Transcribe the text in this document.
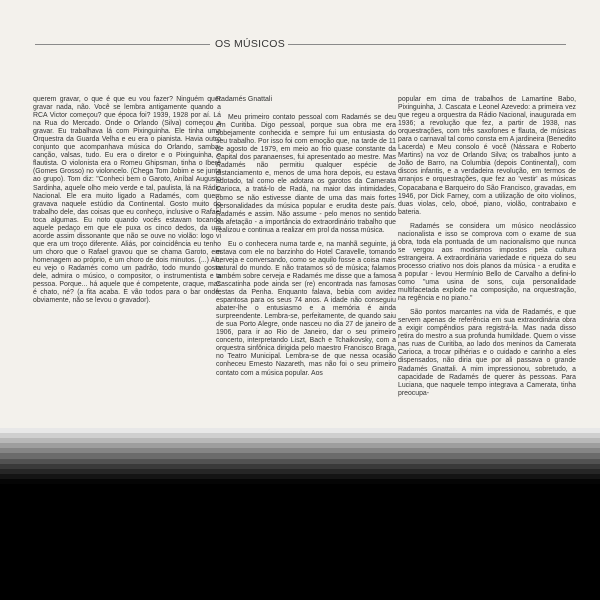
OS MÚSICOS

querem gravar, o que é que eu vou fazer? Ninguém quer gravar nada, não. Você se lembra antigamente quando a RCA Victor começou? que época foi? 1939, 1928 por aí. Lá na Rua do Mercado. Onde o Orlando (Silva) começou a gravar. Eu trabalhava lá com Pixinguinha. Ele tinha uma Orquestra da Guarda Velha e eu era o pianista. Havia outro conjunto que acompanhava música do Orlando, samba-canção, valsas, tudo. Eu era o diretor e o Pixinguinha, o flautista. O violonista era o Romeu Ghipsman, tinha o Iberê (Gomes Grosso) no violoncelo. (Chega Tom Jobim e se junta ao grupo). Tom diz: "Conheci bem o Garoto, Aníbal Augusto Sardinha, aquele olho meio verde e tal, paulista, lá na Rádio Nacional. Ele era muito ligado a Radamés, com quem gravava naquele estúdio da Continental. Gosto muito do trabalho dele, das coisas que eu conheço, inclusive o Rafael toca algumas. Eu noto quando vocês estavam tocando aquele pedaço em que ele puxa os cinco dedos, da um acorde assim dissonante que não se ouve no violão: logo vi que era um troço diferente. Aliás, por coincidência eu tenho um choro que o Rafael gravou que se chama Garoto, em homenagem ao próprio, é um choro de dois minutos. (...) Ah, eu vejo o Radamés como um padrão, todo mundo gosta dele, admira o músico, o compositor, o instrumentista e a pessoa. Porque... há aquele que é competente, craque, mas é chato, né? (a fita acaba. E vão todos para o bar onde, obviamente, não se levou o gravador).

Radamés Gnattali

Meu primeiro contato pessoal com Radamés se deu em Curitiba. Digo pessoal, porque sua obra me era sobejamente conhecida e sempre fui um entusiasta do seu trabalho. Por isso foi com emoção que, na tarde de 11 de agosto de 1979, em meio ao frio quase constante da Capital dos paranaenses, fui apresentado ao mestre. Mas Radamés não permitiu qualquer espécie de distanciamento e, menos de uma hora depois, eu estava adotado, tal como ele adotara os garotos da Camerata Carioca, a tratá-lo de Radá, na maior das intimidades, como se não estivesse diante de uma das mais fortes personalidades da música popular e erudita deste país. Radamés e assim. Não assume - pelo menos no sentido da afetação - a importância do extraordinário trabalho que realizou e continua a realizar em prol da nossa música.

Eu o conhecera numa tarde e, na manhã seguinte, já estava com ele no barzinho do Hotel Caravelle, tomando cerveja e conversando, como se aquilo fosse a coisa mais natural do mundo. E não tratamos só de música; falamos também sobre cerveja e Radamés me disse que a famosa Cascatinha pode ainda ser (re) encontrada nas famosas festas da Penha. Enquanto falava, bebia com avidez espantosa para os seus 74 anos. A idade não conseguiu abater-lhe o entusiasmo e a memória é ainda surpreendente. Lembra-se, perfeitamente, de quando saiu de sua Porto Alegre, onde nasceu no dia 27 de janeiro de 1906, para ir ao Rio de Janeiro, dar o seu primeiro concerto, interpretando Liszt, Bach e Tchaikovsky, com a orquestra sinfônica dirigida pelo maestro Francisco Braga, no Teatro Municipal. Lembra-se de que nessa ocasião conheceu Ernesto Nazareth, mas não foi o seu primeiro contato com a música popular. Aos

popular em cima de trabalhos de Lamartine Babo, Pixinguinha, J. Cascata e Leonel Azevedo: a primeira vez que regeu a orquestra da Rádio Nacional, inaugurada em 1936; a revolução que fez, a partir de 1938, nas orquestrações, com três saxofones e flauta, de músicas para o carnaval tal como consta em A jardineira (Benedito Lacerda) e Meu consolo é você (Nássara e Roberto Martins) na voz de Orlando Silva; os trabalhos junto a João de Barro, na Columbia (depois Continental), com discos infantis, e a verdadeira revolução, em termos de arranjos e orquestrações, que fez ao 'vestir' as músicas Copacabana e Barqueiro do São Francisco, gravadas, em 1946, por Dick Farney, com a utilização de oito violinos, duas violas, celo, oboé, piano, violão, contrabaixo e bateria.

Radamés se considera um músico neoclássico nacionalista e isso se comprova com o exame de sua obra, toda ela pontuada de um nacionalismo que nunca se vergou aos modismos impostos pela cultura estrangeira. A extraordinária variedade e riqueza do seu processo criativo nos dois planos da música - a erudita e a popular - levou Hermínio Bello de Carvalho a defini-lo como "uma usina de sons, cuja personalidade multifacetada explode na composição, na orquestração, na regência e no piano."

São pontos marcantes na vida de Radamés, e que servem apenas de referência em sua extraordinária obra a exigir compêndios para registrá-la. Mas nada disso retira do mestro a sua profunda humildade. Quem o visse nas ruas de Curitiba, ao lado dos meninos da Camerata Carioca, a trocar pilhérias e o cuidado e carinho a eles dispensados, não diria que por ali passava o grande Radamés Gnattali. A mim impressionou, sobretudo, a capacidade de Radamés de querer às pessoas. Para Luciana, que naquele tempo integrava a Camerata, tinha preocupa-
